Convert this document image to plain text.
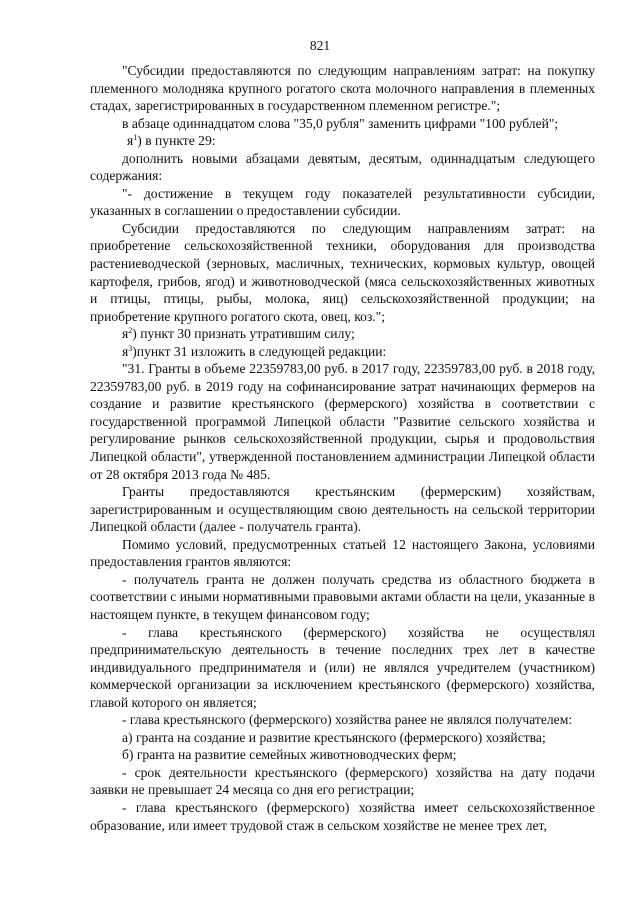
821

"Субсидии предоставляются по следующим направлениям затрат: на покупку племенного молодняка крупного рогатого скота молочного направления в племенных стадах, зарегистрированных в государственном племенном регистре.";

в абзаце одиннадцатом слова "35,0 рубля" заменить цифрами "100 рублей";

$я^1$) в пункте 29:

дополнить новыми абзацами девятым, десятым, одиннадцатым следующего содержания:

"- достижение в текущем году показателей результативности субсидии, указанных в соглашении о предоставлении субсидии.

Субсидии предоставляются по следующим направлениям затрат: на приобретение сельскохозяйственной техники, оборудования для производства растениеводческой (зерновых, масличных, технических, кормовых культур, овощей картофеля, грибов, ягод) и животноводческой (мяса сельскохозяйственных животных и птицы, птицы, рыбы, молока, яиц) сельскохозяйственной продукции; на приобретение крупного рогатого скота, овец, коз.";

$я^2$) пункт 30 признать утратившим силу;

$я^3)пункт$ 31 изложить в следующей редакции:

"31. Гранты в объеме 22359783,00 руб. в 2017 году, 22359783,00 руб. в 2018 году, 22359783,00 руб. в 2019 году на софинансирование затрат начинающих фермеров на создание и развитие крестьянского (фермерского) хозяйства в соответствии с государственной программой Липецкой области "Развитие сельского хозяйства и регулирование рынков сельскохозяйственной продукции, сырья и продовольствия Липецкой области", утвержденной постановлением администрации Липецкой области от 28 октября 2013 года № 485.

Гранты предоставляются крестьянским (фермерским) хозяйствам, зарегистрированным и осуществляющим свою деятельность на сельской территории Липецкой области (далее - получатель гранта).

Помимо условий, предусмотренных статьей 12 настоящего Закона, условиями предоставления грантов являются:

- получатель гранта не должен получать средства из областного бюджета в соответствии с иными нормативными правовыми актами области на цели, указанные в настоящем пункте, в текущем финансовом году;

- глава крестьянского (фермерского) хозяйства не осуществлял предпринимательскую деятельность в течение последних трех лет в качестве индивидуального предпринимателя и (или) не являлся учредителем (участником) коммерческой организации за исключением крестьянского (фермерского) хозяйства, главой которого он является;

- глава крестьянского (фермерского) хозяйства ранее не являлся получателем:

а) гранта на создание и развитие крестьянского (фермерского) хозяйства;

б) гранта на развитие семейных животноводческих ферм;

- срок деятельности крестьянского (фермерского) хозяйства на дату подачи заявки не превышает 24 месяца со дня его регистрации;

- глава крестьянского (фермерского) хозяйства имеет сельскохозяйственное образование, или имеет трудовой стаж в сельском хозяйстве не менее трех лет,
